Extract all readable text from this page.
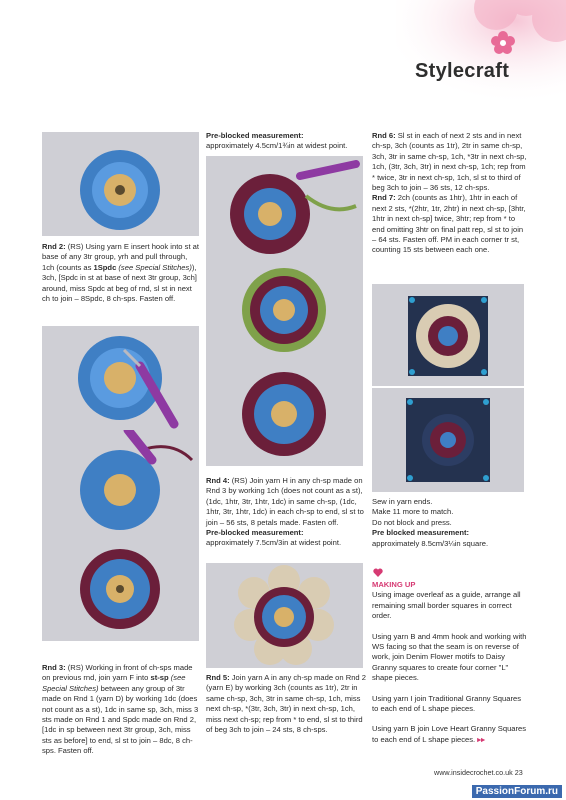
Stylecraft

Rnd 2: (RS) Using yarn E insert hook into st at base of any 3tr group, yrh and pull through, 1ch (counts as 1Spdc (see Special Stitches)), 3ch, [Spdc in st at base of next 3tr group, 3ch] around, miss Spdc at beg of rnd, sl st in next ch to join – 8Spdc, 8 ch-sps. Fasten off.

Rnd 3: (RS) Working in front of ch-sps made on previous rnd, join yarn F into st-sp (see Special Stitches) between any group of 3tr made on Rnd 1 (yarn D) by working 1dc (does not count as a st), 1dc in same sp, 3ch, miss 3 sts made on Rnd 1 and Spdc made on Rnd 2, [1dc in sp between next 3tr group, 3ch, miss sts as before] to end, sl st to join – 8dc, 8 ch-sps. Fasten off.

Pre-blocked measurement:

approximately 4.5cm/1¾in at widest point.

Rnd 4: (RS) Join yarn H in any ch-sp made on Rnd 3 by working 1ch (does not count as a st), (1dc, 1htr, 3tr, 1htr, 1dc) in same ch-sp, (1dc, 1htr, 3tr, 1htr, 1dc) in each ch-sp to end, sl st to join – 56 sts, 8 petals made. Fasten off.

Pre-blocked measurement:

approximately 7.5cm/3in at widest point.

Rnd 5: Join yarn A in any ch-sp made on Rnd 2 (yarn E) by working 3ch (counts as 1tr), 2tr in same ch-sp, 3ch, 3tr in same ch-sp, 1ch, miss next ch-sp, *(3tr, 3ch, 3tr) in next ch-sp, 1ch, miss next ch-sp; rep from * to end, sl st to third of beg 3ch to join – 24 sts, 8 ch-sps.

Rnd 6: Sl st in each of next 2 sts and in next ch-sp, 3ch (counts as 1tr), 2tr in same ch-sp, 3ch, 3tr in same ch-sp, 1ch, *3tr in next ch-sp, 1ch, (3tr, 3ch, 3tr) in next ch-sp, 1ch; rep from * twice, 3tr in next ch-sp, 1ch, sl st to third of beg 3ch to join – 36 sts, 12 ch-sps.

Rnd 7: 2ch (counts as 1htr), 1htr in each of next 2 sts, *(2htr, 1tr, 2htr) in next ch-sp, [3htr, 1htr in next ch-sp] twice, 3htr; rep from * to end omitting 3htr on final patt rep, sl st to join – 64 sts. Fasten off. PM in each corner tr st, counting 15 sts between each one.

Sew in yarn ends.

Make 11 more to match.

Do not block and press.

Pre blocked measurement:

approximately 8.5cm/3¼in square.

MAKING UP

Using image overleaf as a guide, arrange all remaining small border squares in correct order.

Using yarn B and 4mm hook and working with WS facing so that the seam is on reverse of work, join Denim Flower motifs to Daisy Granny squares to create four corner "L" shape pieces.

Using yarn I join Traditional Granny Squares to each end of L shape pieces.

Using yarn B join Love Heart Granny Squares to each end of L shape pieces. ▸▸

www.insidecrochet.co.uk 23
PassionForum.ru
